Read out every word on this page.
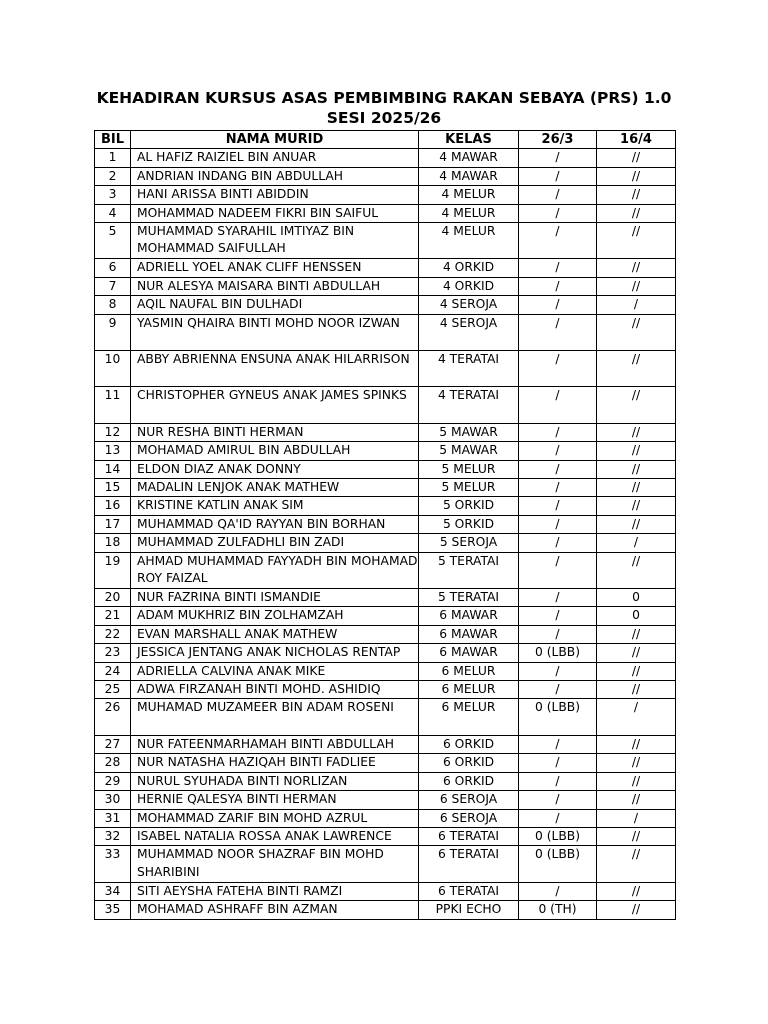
KEHADIRAN KURSUS ASAS PEMBIMBING RAKAN SEBAYA (PRS) 1.0
SESI 2025/26
BIL	NAMA MURID	KELAS	26/3	16/4
1	AL HAFIZ RAIZIEL BIN ANUAR	4 MAWAR	/	//
2	ANDRIAN INDANG BIN ABDULLAH	4 MAWAR	/	//
3	HANI ARISSA BINTI ABIDDIN	4 MELUR	/	//
4	MOHAMMAD NADEEM FIKRI BIN SAIFUL	4 MELUR	/	//
5	MUHAMMAD SYARAHIL IMTIYAZ BIN MOHAMMAD SAIFULLAH	4 MELUR	/	//
6	ADRIELL YOEL ANAK CLIFF HENSSEN	4 ORKID	/	//
7	NUR ALESYA MAISARA BINTI ABDULLAH	4 ORKID	/	//
8	AQIL NAUFAL BIN DULHADI	4 SEROJA	/	/
9	YASMIN QHAIRA BINTI MOHD NOOR IZWAN	4 SEROJA	/	//
10	ABBY ABRIENNA ENSUNA ANAK HILARRISON	4 TERATAI	/	//
11	CHRISTOPHER GYNEUS ANAK JAMES SPINKS	4 TERATAI	/	//
12	NUR RESHA BINTI HERMAN	5 MAWAR	/	//
13	MOHAMAD AMIRUL BIN ABDULLAH	5 MAWAR	/	//
14	ELDON DIAZ ANAK DONNY	5 MELUR	/	//
15	MADALIN LENJOK ANAK MATHEW	5 MELUR	/	//
16	KRISTINE KATLIN ANAK SIM	5 ORKID	/	//
17	MUHAMMAD QA'ID RAYYAN BIN BORHAN	5 ORKID	/	//
18	MUHAMMAD ZULFADHLI BIN ZADI	5 SEROJA	/	/
19	AHMAD MUHAMMAD FAYYADH BIN MOHAMAD ROY FAIZAL	5 TERATAI	/	//
20	NUR FAZRINA BINTI ISMANDIE	5 TERATAI	/	0
21	ADAM MUKHRIZ BIN ZOLHAMZAH	6 MAWAR	/	0
22	EVAN MARSHALL ANAK MATHEW	6 MAWAR	/	//
23	JESSICA JENTANG ANAK NICHOLAS RENTAP	6 MAWAR	0 (LBB)	//
24	ADRIELLA CALVINA ANAK MIKE	6 MELUR	/	//
25	ADWA FIRZANAH BINTI MOHD. ASHIDIQ	6 MELUR	/	//
26	MUHAMAD MUZAMEER BIN ADAM ROSENI	6 MELUR	0 (LBB)	/
27	NUR FATEENMARHAMAH BINTI ABDULLAH	6 ORKID	/	//
28	NUR NATASHA HAZIQAH BINTI FADLIEE	6 ORKID	/	//
29	NURUL SYUHADA BINTI NORLIZAN	6 ORKID	/	//
30	HERNIE QALESYA BINTI HERMAN	6 SEROJA	/	//
31	MOHAMMAD ZARIF BIN MOHD AZRUL	6 SEROJA	/	/
32	ISABEL NATALIA ROSSA ANAK LAWRENCE	6 TERATAI	0 (LBB)	//
33	MUHAMMAD NOOR SHAZRAF BIN MOHD SHARIBINI	6 TERATAI	0 (LBB)	//
34	SITI AEYSHA FATEHA BINTI RAMZI	6 TERATAI	/	//
35	MOHAMAD ASHRAFF BIN AZMAN	PPKI ECHO	0 (TH)	//
